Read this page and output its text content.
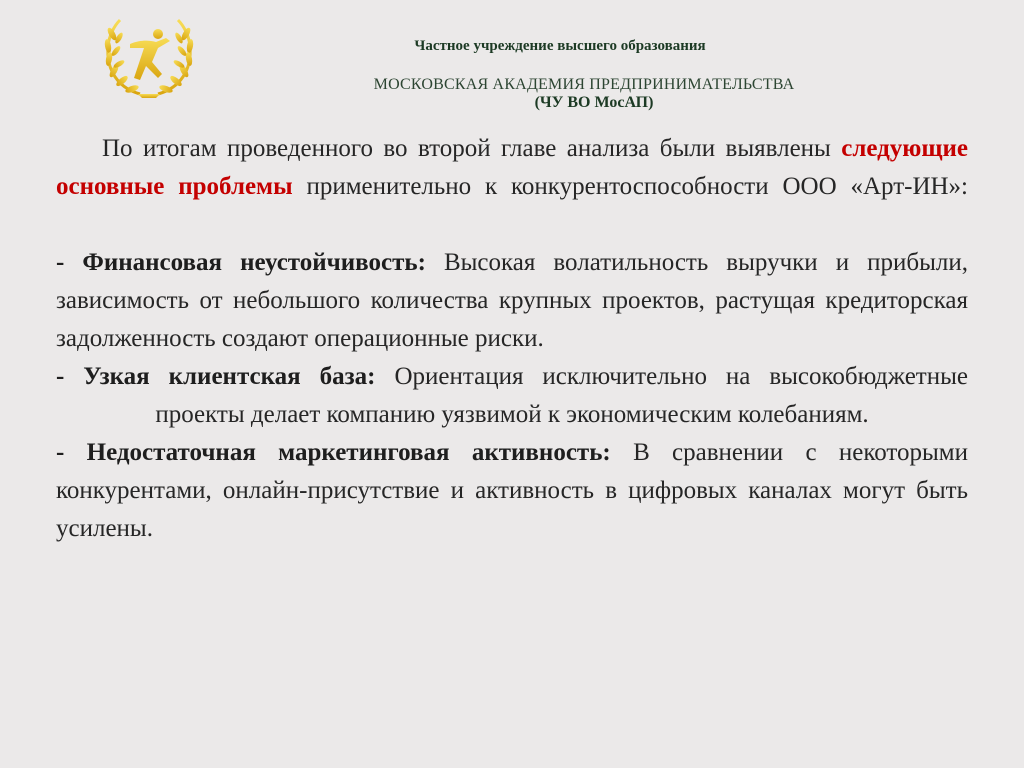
Частное учреждение высшего образования
МОСКОВСКАЯ АКАДЕМИЯ ПРЕДПРИНИМАТЕЛЬСТВА
(ЧУ ВО МосАП)

По итогам проведенного во второй главе анализа были выявлены следующие основные проблемы применительно к конкурентоспособности ООО «Арт-ИН»:

- Финансовая неустойчивость: Высокая волатильность выручки и прибыли, зависимость от небольшого количества крупных проектов, растущая кредиторская задолженность создают операционные риски.

- Узкая клиентская база: Ориентация исключительно на высокобюджетные проекты делает компанию уязвимой к экономическим колебаниям.

- Недостаточная маркетинговая активность: В сравнении с некоторыми конкурентами, онлайн-присутствие и активность в цифровых каналах могут быть усилены.
